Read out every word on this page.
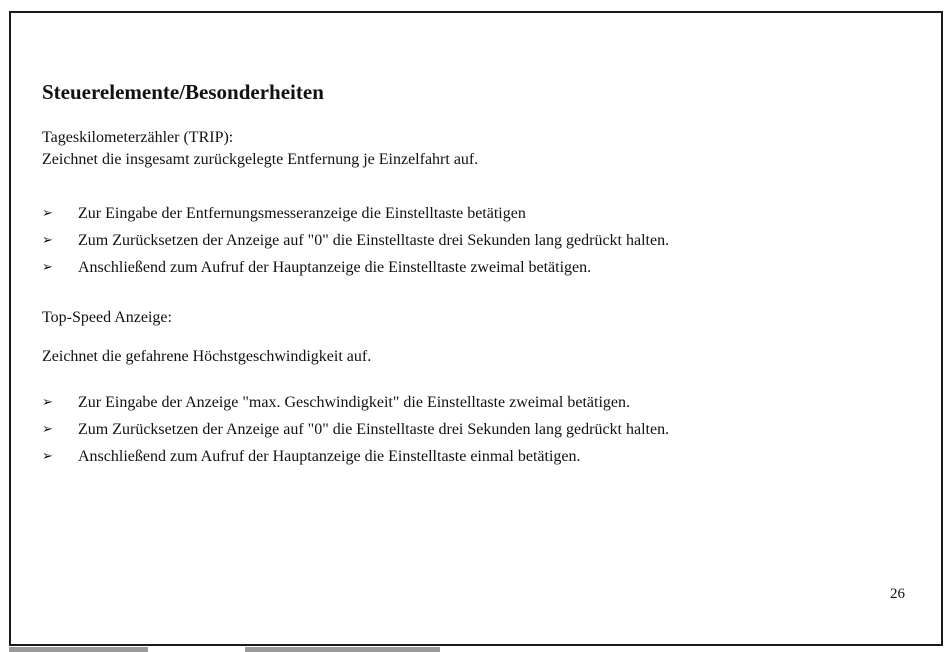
Steuerelemente/Besonderheiten

Tageskilometerzähler (TRIP):

Zeichnet die insgesamt zurückgelegte Entfernung je Einzelfahrt auf.

➢ Zur Eingabe der Entfernungsmesseranzeige die Einstelltaste betätigen
➢ Zum Zurücksetzen der Anzeige auf "0" die Einstelltaste drei Sekunden lang gedrückt halten.
➢ Anschließend zum Aufruf der Hauptanzeige die Einstelltaste zweimal betätigen.

Top-Speed Anzeige:

Zeichnet die gefahrene Höchstgeschwindigkeit auf.

➢ Zur Eingabe der Anzeige "max. Geschwindigkeit" die Einstelltaste zweimal betätigen.
➢ Zum Zurücksetzen der Anzeige auf "0" die Einstelltaste drei Sekunden lang gedrückt halten.
➢ Anschließend zum Aufruf der Hauptanzeige die Einstelltaste einmal betätigen.
26
